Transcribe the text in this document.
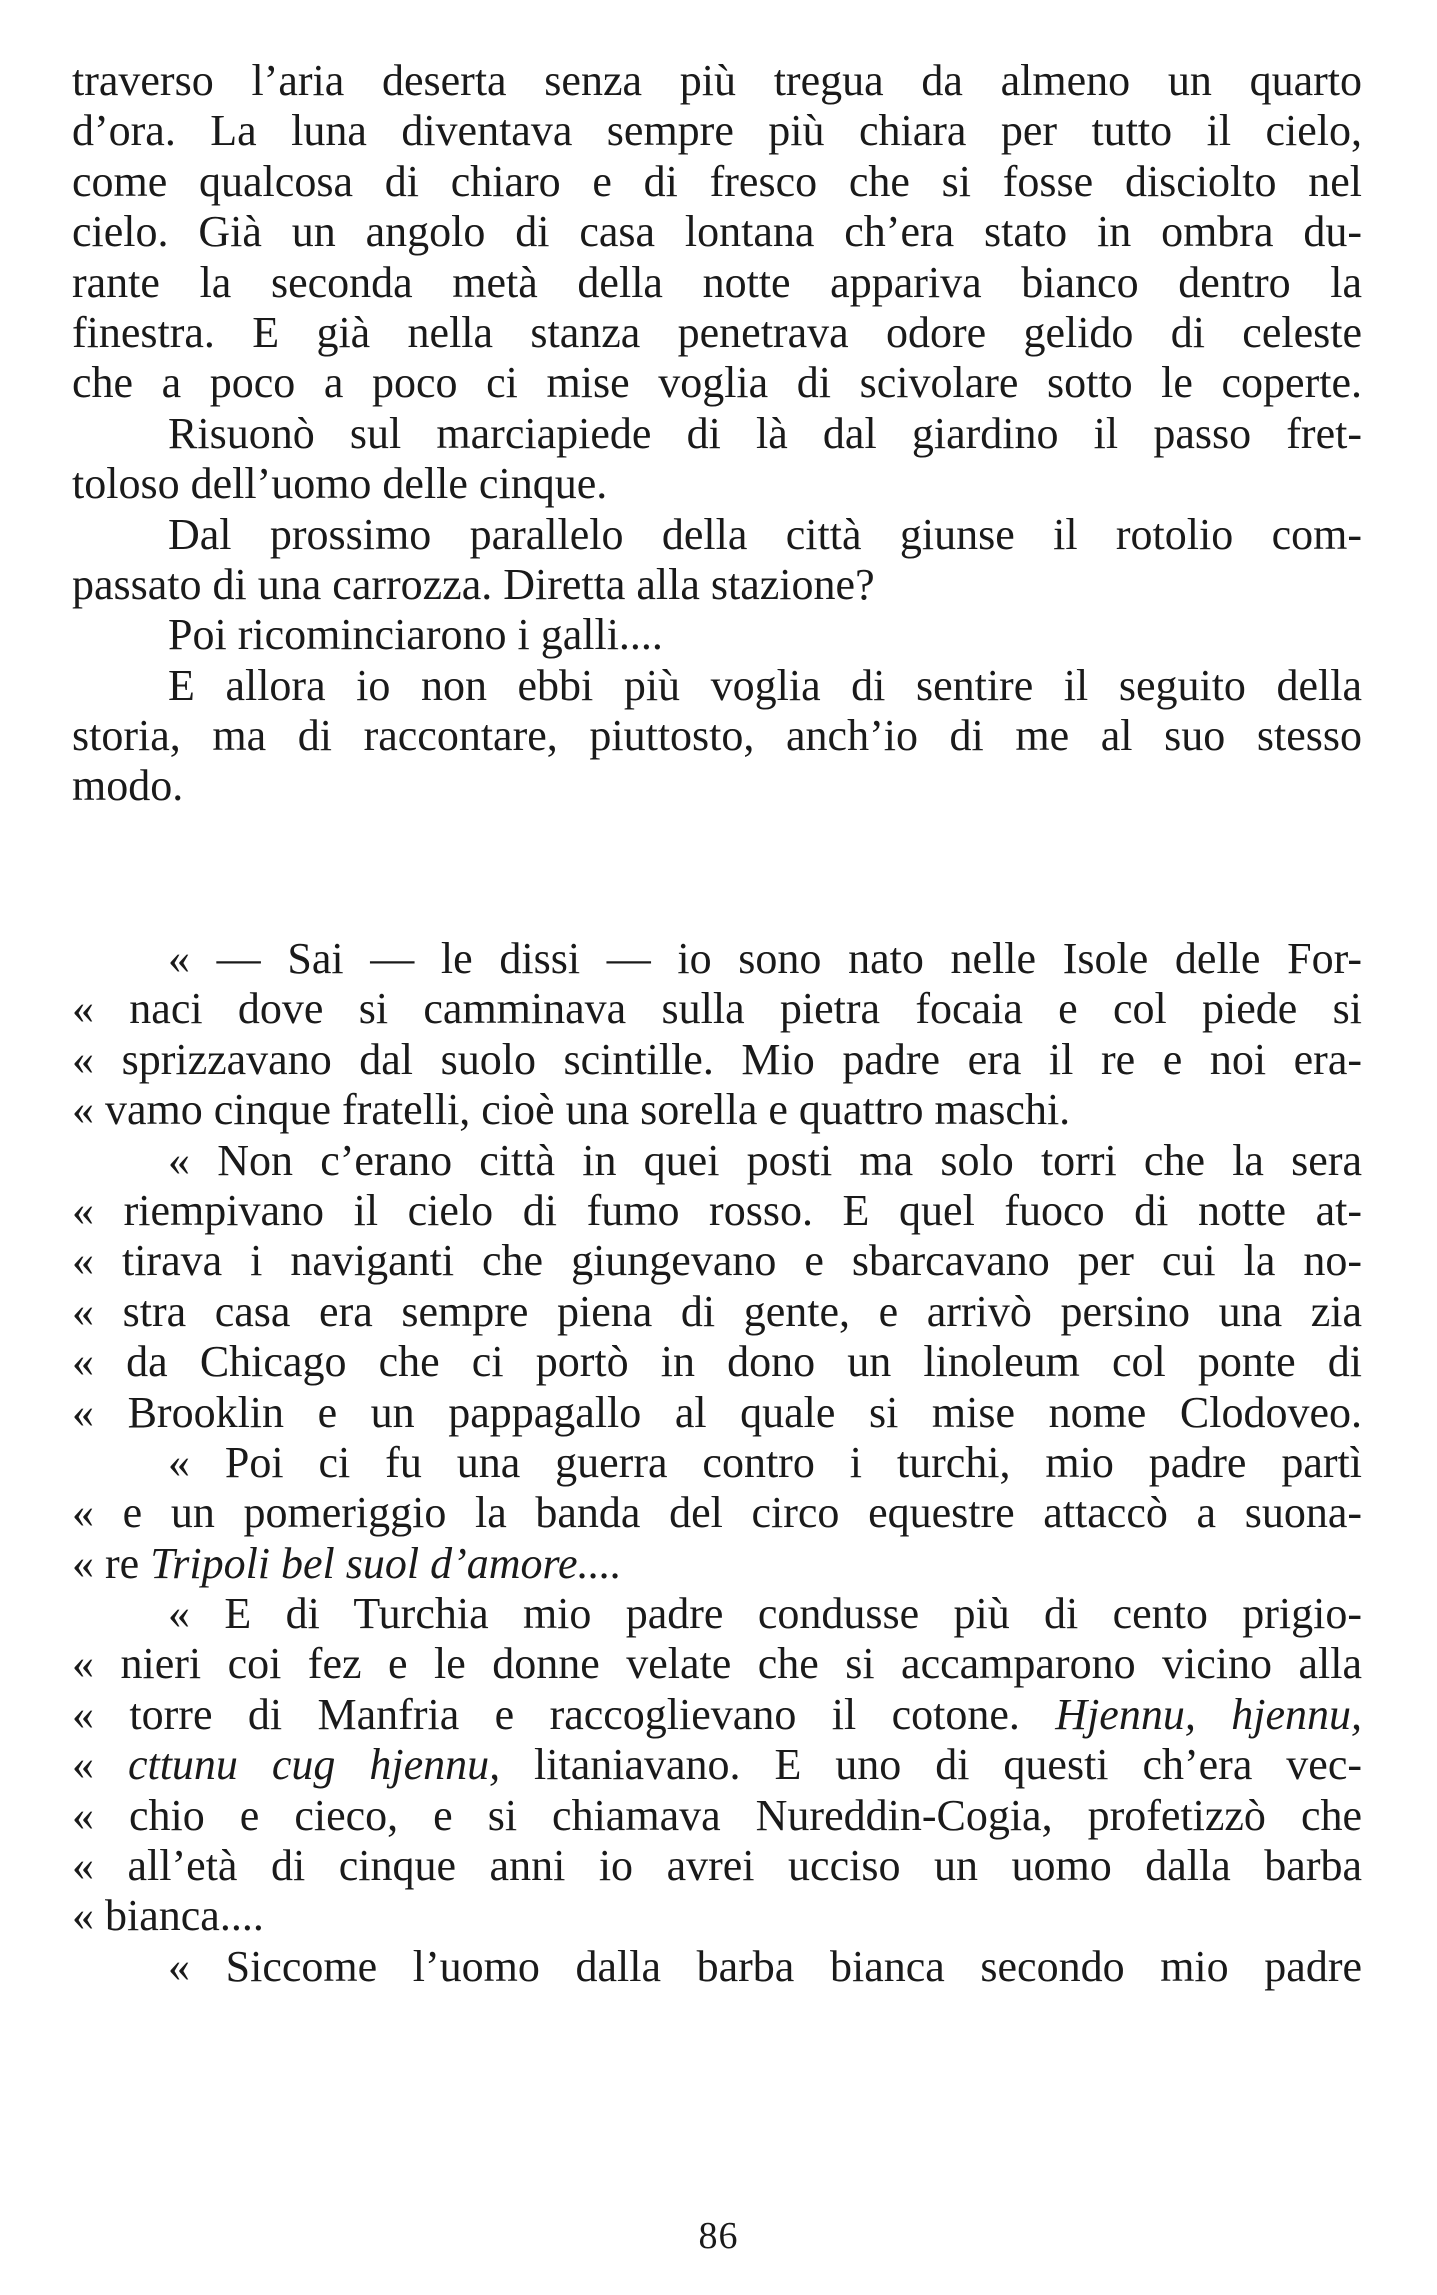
traverso l’aria deserta senza più tregua da almeno un quarto
d’ora. La luna diventava sempre più chiara per tutto il cielo,
come qualcosa di chiaro e di fresco che si fosse disciolto nel
cielo. Già un angolo di casa lontana ch’era stato in ombra du-
rante la seconda metà della notte appariva bianco dentro la
finestra. E già nella stanza penetrava odore gelido di celeste
che a poco a poco ci mise voglia di scivolare sotto le coperte.
Risuonò sul marciapiede di là dal giardino il passo fret-
toloso dell’uomo delle cinque.
Dal prossimo parallelo della città giunse il rotolio com-
passato di una carrozza. Diretta alla stazione?
Poi ricominciarono i galli....
E allora io non ebbi più voglia di sentire il seguito della
storia, ma di raccontare, piuttosto, anch’io di me al suo stesso
modo.
« — Sai — le dissi — io sono nato nelle Isole delle For-
« naci dove si camminava sulla pietra focaia e col piede si
« sprizzavano dal suolo scintille. Mio padre era il re e noi era-
« vamo cinque fratelli, cioè una sorella e quattro maschi.
« Non c’erano città in quei posti ma solo torri che la sera
« riempivano il cielo di fumo rosso. E quel fuoco di notte at-
« tirava i naviganti che giungevano e sbarcavano per cui la no-
« stra casa era sempre piena di gente, e arrivò persino una zia
« da Chicago che ci portò in dono un linoleum col ponte di
« Brooklin e un pappagallo al quale si mise nome Clodoveo.
« Poi ci fu una guerra contro i turchi, mio padre partì
« e un pomeriggio la banda del circo equestre attaccò a suona-
« re Tripoli bel suol d’amore....
« E di Turchia mio padre condusse più di cento prigio-
« nieri coi fez e le donne velate che si accamparono vicino alla
« torre di Manfria e raccoglievano il cotone. Hjennu, hjennu,
« cttunu cug hjennu, litaniavano. E uno di questi ch’era vec-
« chio e cieco, e si chiamava Nureddin-Cogia, profetizzò che
« all’età di cinque anni io avrei ucciso un uomo dalla barba
« bianca....
« Siccome l’uomo dalla barba bianca secondo mio padre
86
